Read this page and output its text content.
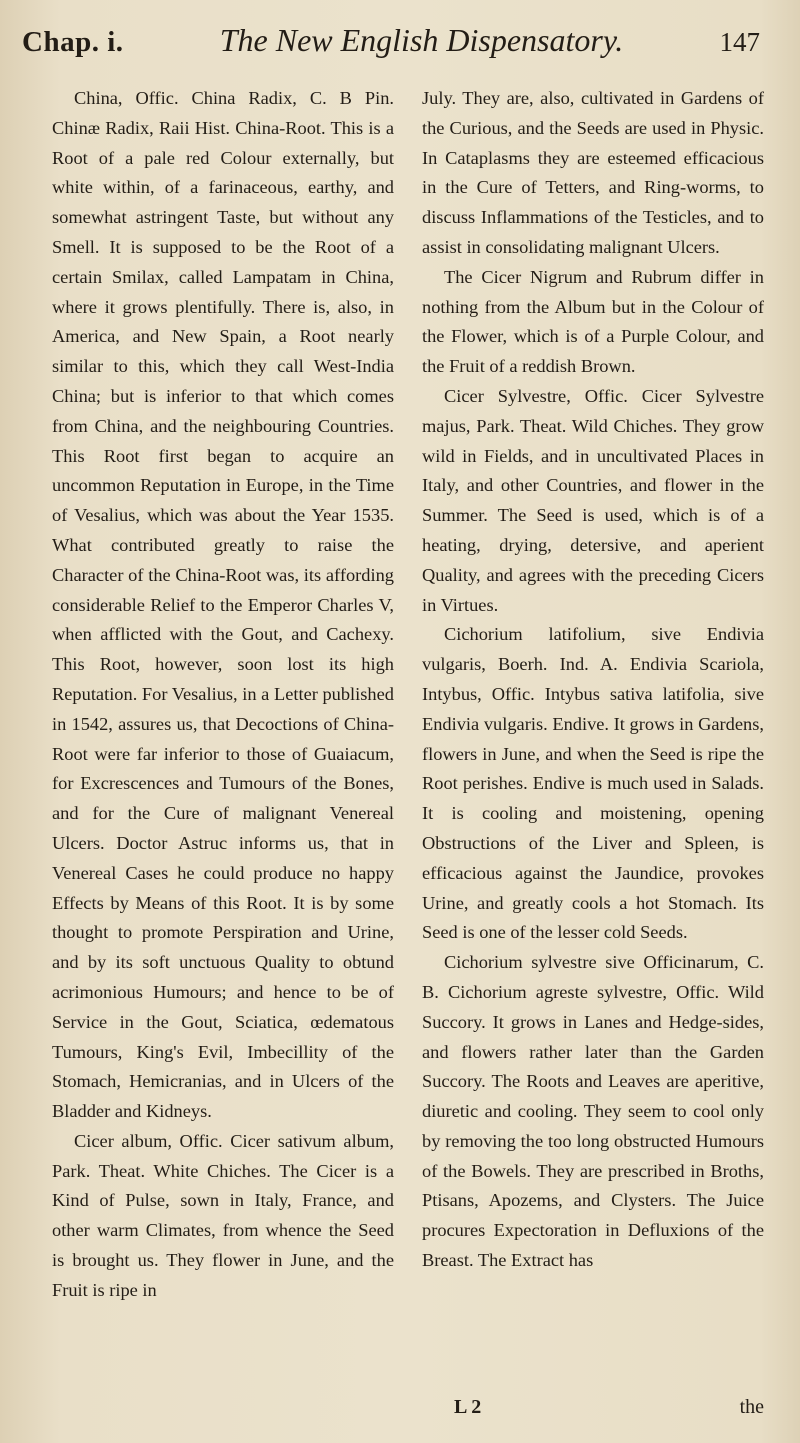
Chap. i.	The New English Dispensatory.	147

China, Offic. China Radix, C. B Pin. Chinæ Radix, Raii Hist. China-Root. This is a Root of a pale red Colour externally, but white within, of a farinaceous, earthy, and somewhat astringent Taste, but without any Smell. It is supposed to be the Root of a certain Smilax, called Lampatam in China, where it grows plentifully. There is, also, in America, and New Spain, a Root nearly similar to this, which they call West-India China; but is inferior to that which comes from China, and the neighbouring Countries. This Root first began to acquire an uncommon Reputation in Europe, in the Time of Vesalius, which was about the Year 1535. What contributed greatly to raise the Character of the China-Root was, its affording considerable Relief to the Emperor Charles V, when afflicted with the Gout, and Cachexy. This Root, however, soon lost its high Reputation. For Vesalius, in a Letter published in 1542, assures us, that Decoctions of China-Root were far inferior to those of Guaiacum, for Excrescences and Tumours of the Bones, and for the Cure of malignant Venereal Ulcers. Doctor Astruc informs us, that in Venereal Cases he could produce no happy Effects by Means of this Root. It is by some thought to promote Perspiration and Urine, and by its soft unctuous Quality to obtund acrimonious Humours; and hence to be of Service in the Gout, Sciatica, œdematous Tumours, King's Evil, Imbecillity of the Stomach, Hemicranias, and in Ulcers of the Bladder and Kidneys.

Cicer album, Offic. Cicer sativum album, Park. Theat. White Chiches. The Cicer is a Kind of Pulse, sown in Italy, France, and other warm Climates, from whence the Seed is brought us. They flower in June, and the Fruit is ripe in

July. They are, also, cultivated in Gardens of the Curious, and the Seeds are used in Physic. In Cataplasms they are esteemed efficacious in the Cure of Tetters, and Ring-worms, to discuss Inflammations of the Testicles, and to assist in consolidating malignant Ulcers.

The Cicer Nigrum and Rubrum differ in nothing from the Album but in the Colour of the Flower, which is of a Purple Colour, and the Fruit of a reddish Brown.

Cicer Sylvestre, Offic. Cicer Sylvestre majus, Park. Theat. Wild Chiches. They grow wild in Fields, and in uncultivated Places in Italy, and other Countries, and flower in the Summer. The Seed is used, which is of a heating, drying, detersive, and aperient Quality, and agrees with the preceding Cicers in Virtues.

Cichorium latifolium, sive Endivia vulgaris, Boerh. Ind. A. Endivia Scariola, Intybus, Offic. Intybus sativa latifolia, sive Endivia vulgaris. Endive. It grows in Gardens, flowers in June, and when the Seed is ripe the Root perishes. Endive is much used in Salads. It is cooling and moistening, opening Obstructions of the Liver and Spleen, is efficacious against the Jaundice, provokes Urine, and greatly cools a hot Stomach. Its Seed is one of the lesser cold Seeds.

Cichorium sylvestre sive Officinarum, C. B. Cichorium agreste sylvestre, Offic. Wild Succory. It grows in Lanes and Hedge-sides, and flowers rather later than the Garden Succory. The Roots and Leaves are aperitive, diuretic and cooling. They seem to cool only by removing the too long obstructed Humours of the Bowels. They are prescribed in Broths, Ptisans, Apozems, and Clysters. The Juice procures Expectoration in Defluxions of the Breast. The Extract has

L 2	the
